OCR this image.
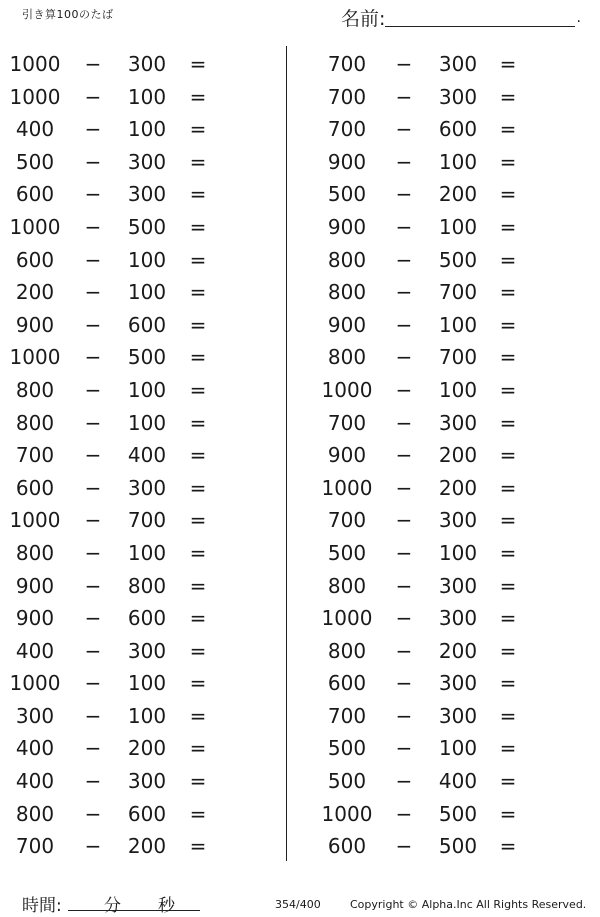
引き算100のたば	名前:	.
1000 −	300	=
1000 −	100	=
400	−	100	=
500	−	300	=
600	−	300	=
1000 −	500	=
600	−	100	=
200	−	100	=
900	−	600	=
1000 −	500	=
800	−	100	=
800	−	100	=
700	−	400	=
600	−	300	=
1000 −	700	=
800	−	100	=
900	−	800	=
900	−	600	=
400	−	300	=
1000 −	100	=
300	−	100	=
400	−	200	=
400	−	300	=
800	−	600	=
700	−	200	=
700	−	300	=
700	−	300	=
700	−	600	=
900	−	100	=
500	−	200	=
900	−	100	=
800	−	500	=
800	−	700	=
900	−	100	=
800	−	700	=
1000 −	100	=
700	−	300	=
900	−	200	=
1000 −	200	=
700	−	300	=
500	−	100	=
800	−	300	=
1000 −	300	=
800	−	200	=
600	−	300	=
700	−	300	=
500	−	100	=
500	−	400	=
1000 −	500	=
600	−	500	=
時間: 分 秒	354/400	Copyright © Alpha.Inc All Rights Reserved.
